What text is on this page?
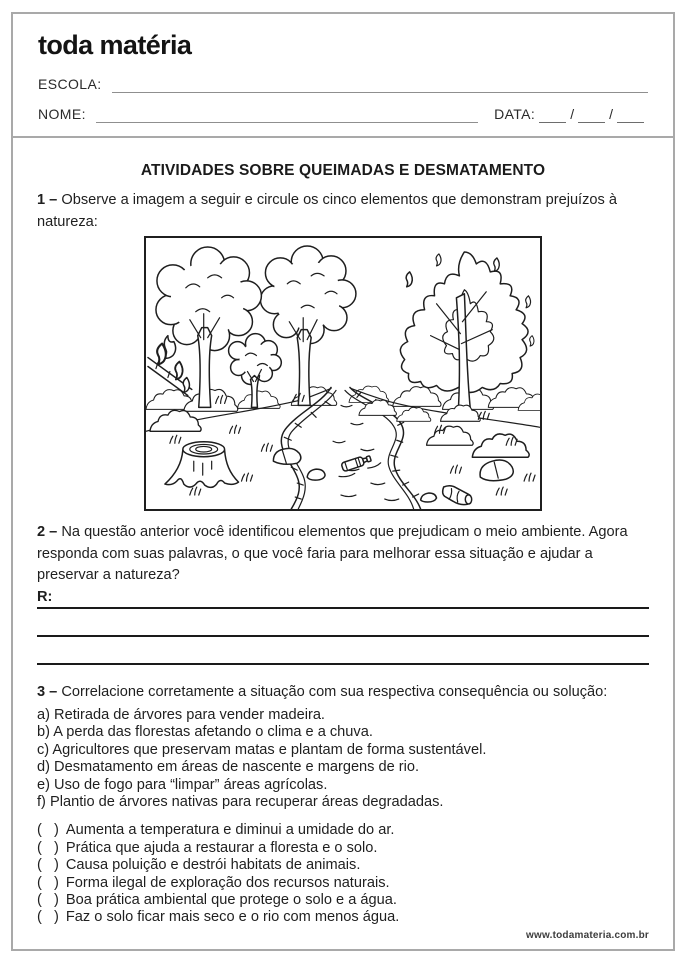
toda matéria
ESCOLA:
NOME:	DATA:	/	/
ATIVIDADES SOBRE QUEIMADAS E DESMATAMENTO

1 – Observe a imagem a seguir e circule os cinco elementos que demonstram prejuízos à natureza:

2 – Na questão anterior você identificou elementos que prejudicam o meio ambiente. Agora responda com suas palavras, o que você faria para melhorar essa situação e ajudar a preservar a natureza?

R:

3 – Correlacione corretamente a situação com sua respectiva consequência ou solução:

a) Retirada de árvores para vender madeira.
b) A perda das florestas afetando o clima e a chuva.
c) Agricultores que preservam matas e plantam de forma sustentável.
d) Desmatamento em áreas de nascente e margens de rio.
e) Uso de fogo para “limpar” áreas agrícolas.
f) Plantio de árvores nativas para recuperar áreas degradadas.
(   ) Aumenta a temperatura e diminui a umidade do ar.
(   ) Prática que ajuda a restaurar a floresta e o solo.
(   ) Causa poluição e destrói habitats de animais.
(   ) Forma ilegal de exploração dos recursos naturais.
(   ) Boa prática ambiental que protege o solo e a água.
(   ) Faz o solo ficar mais seco e o rio com menos água.
www.todamateria.com.br
